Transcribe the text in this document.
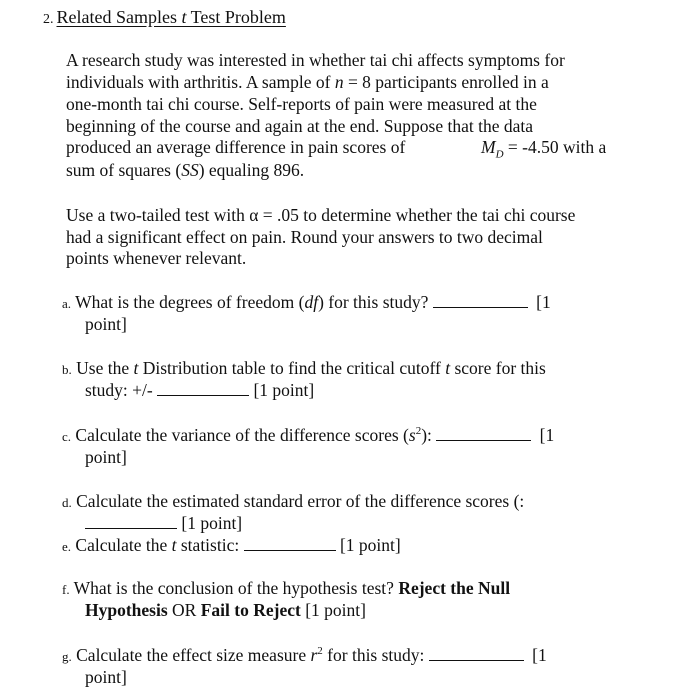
2. Related Samples t Test Problem
A research study was interested in whether tai chi affects symptoms for
individuals with arthritis. A sample of n = 8 participants enrolled in a
one-month tai chi course. Self-reports of pain were measured at the
beginning of the course and again at the end. Suppose that the data
produced an average difference in pain scores of	$M_D = -4.50$ with a
sum of squares (SS) equaling 896.
Use a two-tailed test with α = .05 to determine whether the tai chi course
had a significant effect on pain. Round your answers to two decimal
points whenever relevant.
a. What is the degrees of freedom (df) for this study?	[1
point]
b. Use the t Distribution table to find the critical cutoff t score for this
study: +/-	[1 point]
c. Calculate the variance of the difference scores $(s^2)$:	[1
point]
d. Calculate the estimated standard error of the difference scores (:
[1 point]
e. Calculate the t statistic:	[1 point]
f. What is the conclusion of the hypothesis test? Reject the Null
Hypothesis OR Fail to Reject [1 point]
g. Calculate the effect size measure $r^2$ for this study:	[1
point]
